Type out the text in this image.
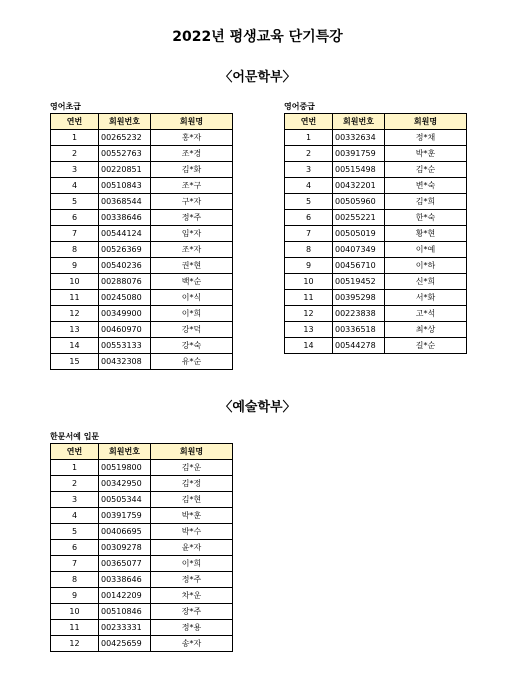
2022년 평생교육 단기특강
〈어문학부〉
영어초급
연번	회원번호	회원명
1	00265232	홍*자
2	00552763	조*경
3	00220851	김*화
4	00510843	조*구
5	00368544	구*자
6	00338646	정*주
7	00544124	임*자
8	00526369	조*자
9	00540236	권*현
10	00288076	백*순
11	00245080	이*식
12	00349900	이*희
13	00460970	강*덕
14	00553133	강*숙
15	00432308	유*순
영어중급
연번	회원번호	회원명
1	00332634	정*채
2	00391759	박*훈
3	00515498	김*순
4	00432201	변*숙
5	00505960	김*희
6	00255221	한*숙
7	00505019	황*현
8	00407349	이*예
9	00456710	이*하
10	00519452	신*희
11	00395298	서*화
12	00223838	고*석
13	00336518	최*상
14	00544278	길*순
〈예술학부〉
한문서예 입문
연번	회원번호	회원명
1	00519800	김*운
2	00342950	김*정
3	00505344	김*현
4	00391759	박*훈
5	00406695	박*수
6	00309278	윤*자
7	00365077	이*희
8	00338646	정*주
9	00142209	차*운
10	00510846	장*주
11	00233331	정*용
12	00425659	송*자
